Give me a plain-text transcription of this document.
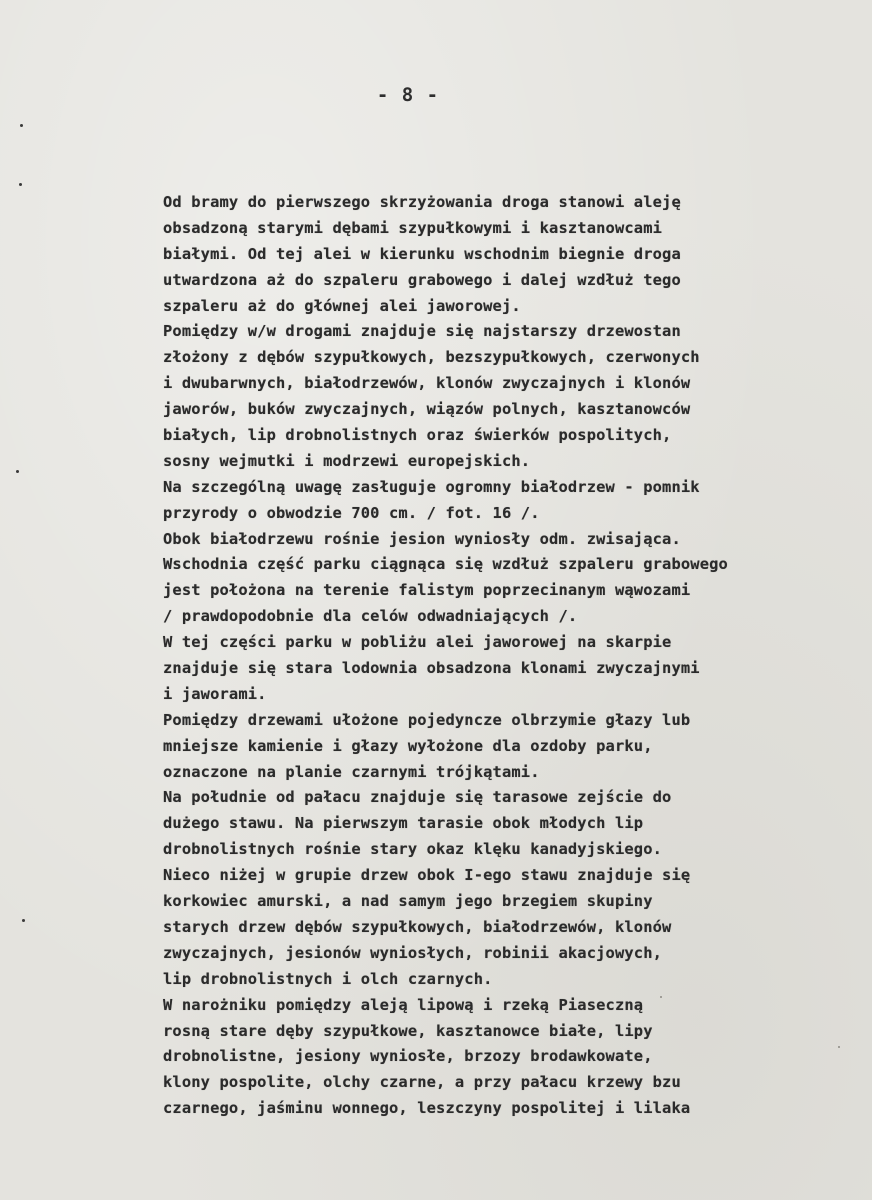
- 8 -
Od bramy do pierwszego skrzyżowania droga stanowi aleję
obsadzoną starymi dębami szypułkowymi i kasztanowcami
białymi. Od tej alei w kierunku wschodnim biegnie droga
utwardzona aż do szpaleru grabowego i dalej wzdłuż tego
szpaleru aż do głównej alei jaworowej.
Pomiędzy w/w drogami znajduje się najstarszy drzewostan
złożony z dębów szypułkowych, bezszypułkowych, czerwonych
i dwubarwnych, białodrzewów, klonów zwyczajnych i klonów
jaworów, buków zwyczajnych, wiązów polnych, kasztanowców
białych, lip drobnolistnych oraz świerków pospolitych,
sosny wejmutki i modrzewi europejskich.
Na szczególną uwagę zasługuje ogromny białodrzew - pomnik
przyrody o obwodzie 700 cm. / fot. 16 /.
Obok białodrzewu rośnie jesion wyniosły odm. zwisająca.
Wschodnia część parku ciągnąca się wzdłuż szpaleru grabowego
jest położona na terenie falistym poprzecinanym wąwozami
/ prawdopodobnie dla celów odwadniających /.
W tej części parku w pobliżu alei jaworowej na skarpie
znajduje się stara lodownia obsadzona klonami zwyczajnymi
i jaworami.
Pomiędzy drzewami ułożone pojedyncze olbrzymie głazy lub
mniejsze kamienie i głazy wyłożone dla ozdoby parku,
oznaczone na planie czarnymi trójkątami.
Na południe od pałacu znajduje się tarasowe zejście do
dużego stawu. Na pierwszym tarasie obok młodych lip
drobnolistnych rośnie stary okaz klęku kanadyjskiego.
Nieco niżej w grupie drzew obok I-ego stawu znajduje się
korkowiec amurski, a nad samym jego brzegiem skupiny
starych drzew dębów szypułkowych, białodrzewów, klonów
zwyczajnych, jesionów wyniosłych, robinii akacjowych,
lip drobnolistnych i olch czarnych.
W narożniku pomiędzy aleją lipową i rzeką Piaseczną
rosną stare dęby szypułkowe, kasztanowce białe, lipy
drobnolistne, jesiony wyniosłe, brzozy brodawkowate,
klony pospolite, olchy czarne, a przy pałacu krzewy bzu
czarnego, jaśminu wonnego, leszczyny pospolitej i lilaka
